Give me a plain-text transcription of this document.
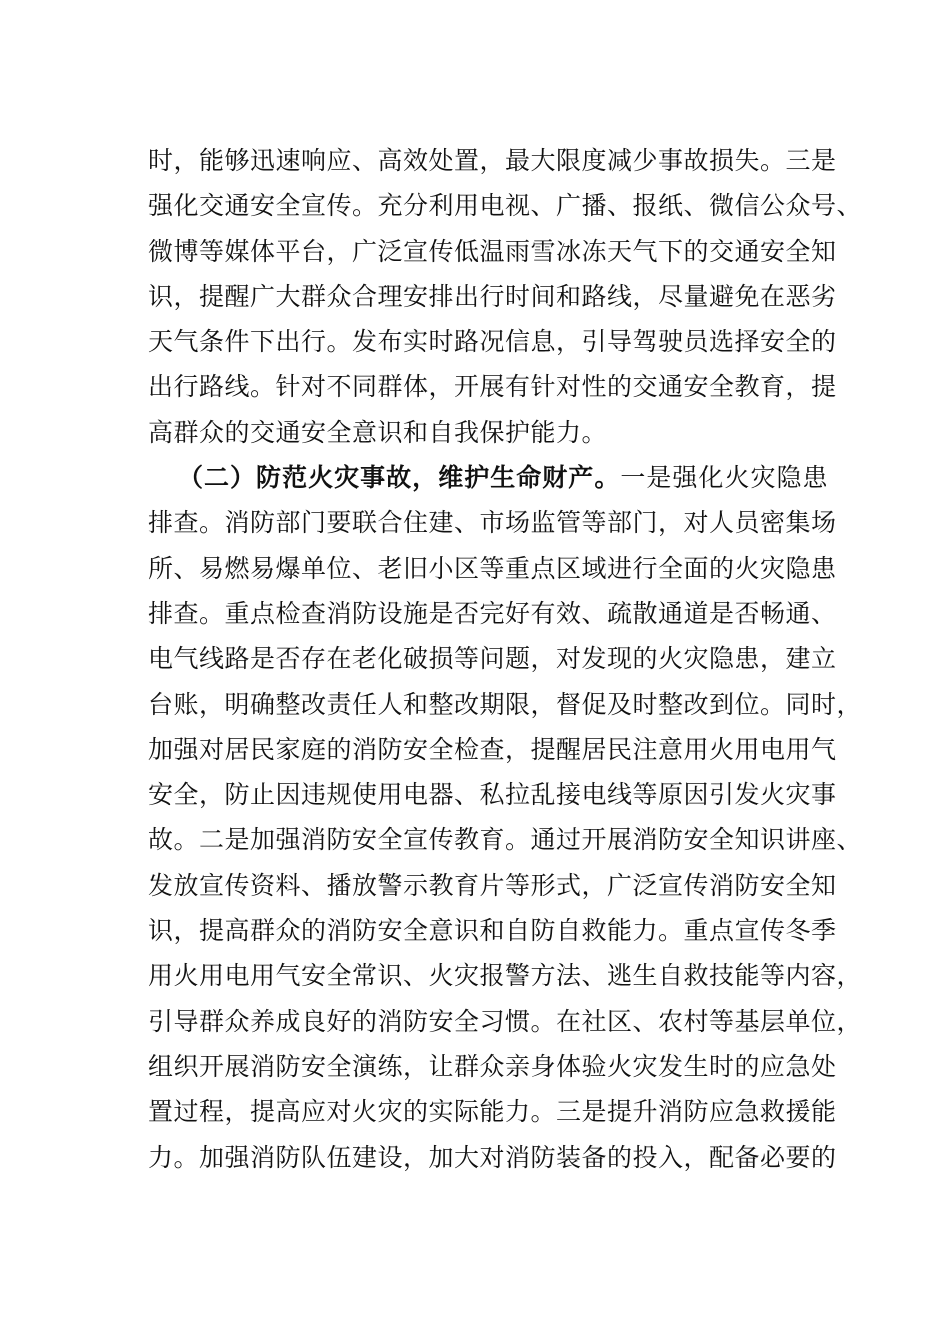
时，能够迅速响应、高效处置，最大限度减少事故损失。三是
强化交通安全宣传。充分利用电视、广播、报纸、微信公众号、
微博等媒体平台，广泛宣传低温雨雪冰冻天气下的交通安全知
识，提醒广大群众合理安排出行时间和路线，尽量避免在恶劣
天气条件下出行。发布实时路况信息，引导驾驶员选择安全的
出行路线。针对不同群体，开展有针对性的交通安全教育，提
高群众的交通安全意识和自我保护能力。
（二）防范火灾事故，维护生命财产。一是强化火灾隐患
排查。消防部门要联合住建、市场监管等部门，对人员密集场
所、易燃易爆单位、老旧小区等重点区域进行全面的火灾隐患
排查。重点检查消防设施是否完好有效、疏散通道是否畅通、
电气线路是否存在老化破损等问题，对发现的火灾隐患，建立
台账，明确整改责任人和整改期限，督促及时整改到位。同时，
加强对居民家庭的消防安全检查，提醒居民注意用火用电用气
安全，防止因违规使用电器、私拉乱接电线等原因引发火灾事
故。二是加强消防安全宣传教育。通过开展消防安全知识讲座、
发放宣传资料、播放警示教育片等形式，广泛宣传消防安全知
识，提高群众的消防安全意识和自防自救能力。重点宣传冬季
用火用电用气安全常识、火灾报警方法、逃生自救技能等内容，
引导群众养成良好的消防安全习惯。在社区、农村等基层单位，
组织开展消防安全演练，让群众亲身体验火灾发生时的应急处
置过程，提高应对火灾的实际能力。三是提升消防应急救援能
力。加强消防队伍建设，加大对消防装备的投入，配备必要的
